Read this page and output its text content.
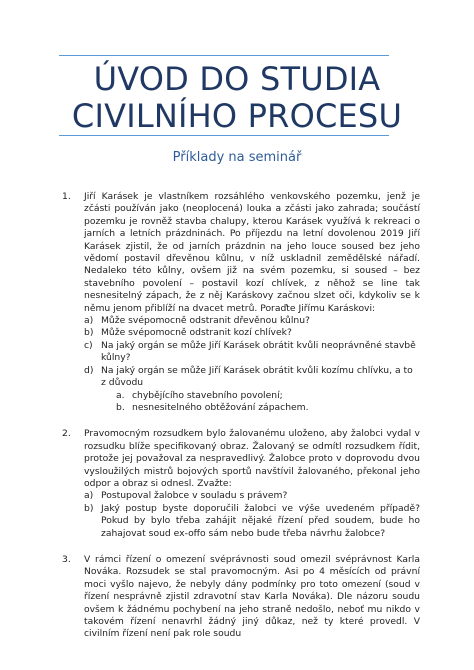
ÚVOD DO STUDIA
CIVILNÍHO PROCESU
Příklady na seminář
1.	Jiří Karásek je vlastníkem rozsáhlého venkovského pozemku, jenž je zčásti používán jako (neoplocená) louka a zčásti jako zahrada; součástí pozemku je rovněž stavba chalupy, kterou Karásek využívá k rekreaci o jarních a letních prázdninách. Po příjezdu na letní dovolenou 2019 Jiří Karásek zjistil, že od jarních prázdnin na jeho louce soused bez jeho vědomí postavil dřevěnou kůlnu, v níž uskladnil zemědělské nářadí. Nedaleko této kůlny, ovšem již na svém pozemku, si soused – bez stavebního povolení – postavil kozí chlívek, z něhož se line tak nesnesitelný zápach, že z něj Karáskovy začnou slzet oči, kdykoliv se k němu jenom přiblíží na dvacet metrů. Poraďte Jiřímu Karáskovi:
a) Může svépomocně odstranit dřevěnou kůlnu?
b) Může svépomocně odstranit kozí chlívek?
c) Na jaký orgán se může Jiří Karásek obrátit kvůli neoprávněné stavbě kůlny?
d) Na jaký orgán se může Jiří Karásek obrátit kvůli kozímu chlívku, a to z důvodu
a. chybějícího stavebního povolení;
b. nesnesitelného obtěžování zápachem.
2.	Pravomocným rozsudkem bylo žalovanému uloženo, aby žalobci vydal v rozsudku blíže specifikovaný obraz. Žalovaný se odmítl rozsudkem řídit, protože jej považoval za nespravedlivý. Žalobce proto v doprovodu dvou vysloužilých mistrů bojových sportů navštívil žalovaného, překonal jeho odpor a obraz si odnesl. Zvažte:
a) Postupoval žalobce v souladu s právem?
b) Jaký postup byste doporučili žalobci ve výše uvedeném případě? Pokud by bylo třeba zahájit nějaké řízení před soudem, bude ho zahajovat soud ex-offo sám nebo bude třeba návrhu žalobce?
3.	V rámci řízení o omezení svéprávnosti soud omezil svéprávnost Karla Nováka. Rozsudek se stal pravomocným. Asi po 4 měsících od právní moci vyšlo najevo, že nebyly dány podmínky pro toto omezení (soud v řízení nesprávně zjistil zdravotní stav Karla Nováka). Dle názoru soudu ovšem k žádnému pochybení na jeho straně nedošlo, neboť mu nikdo v takovém řízení nenavrhl žádný jiný důkaz, než ty které provedl. V civilním řízení není pak role soudu
